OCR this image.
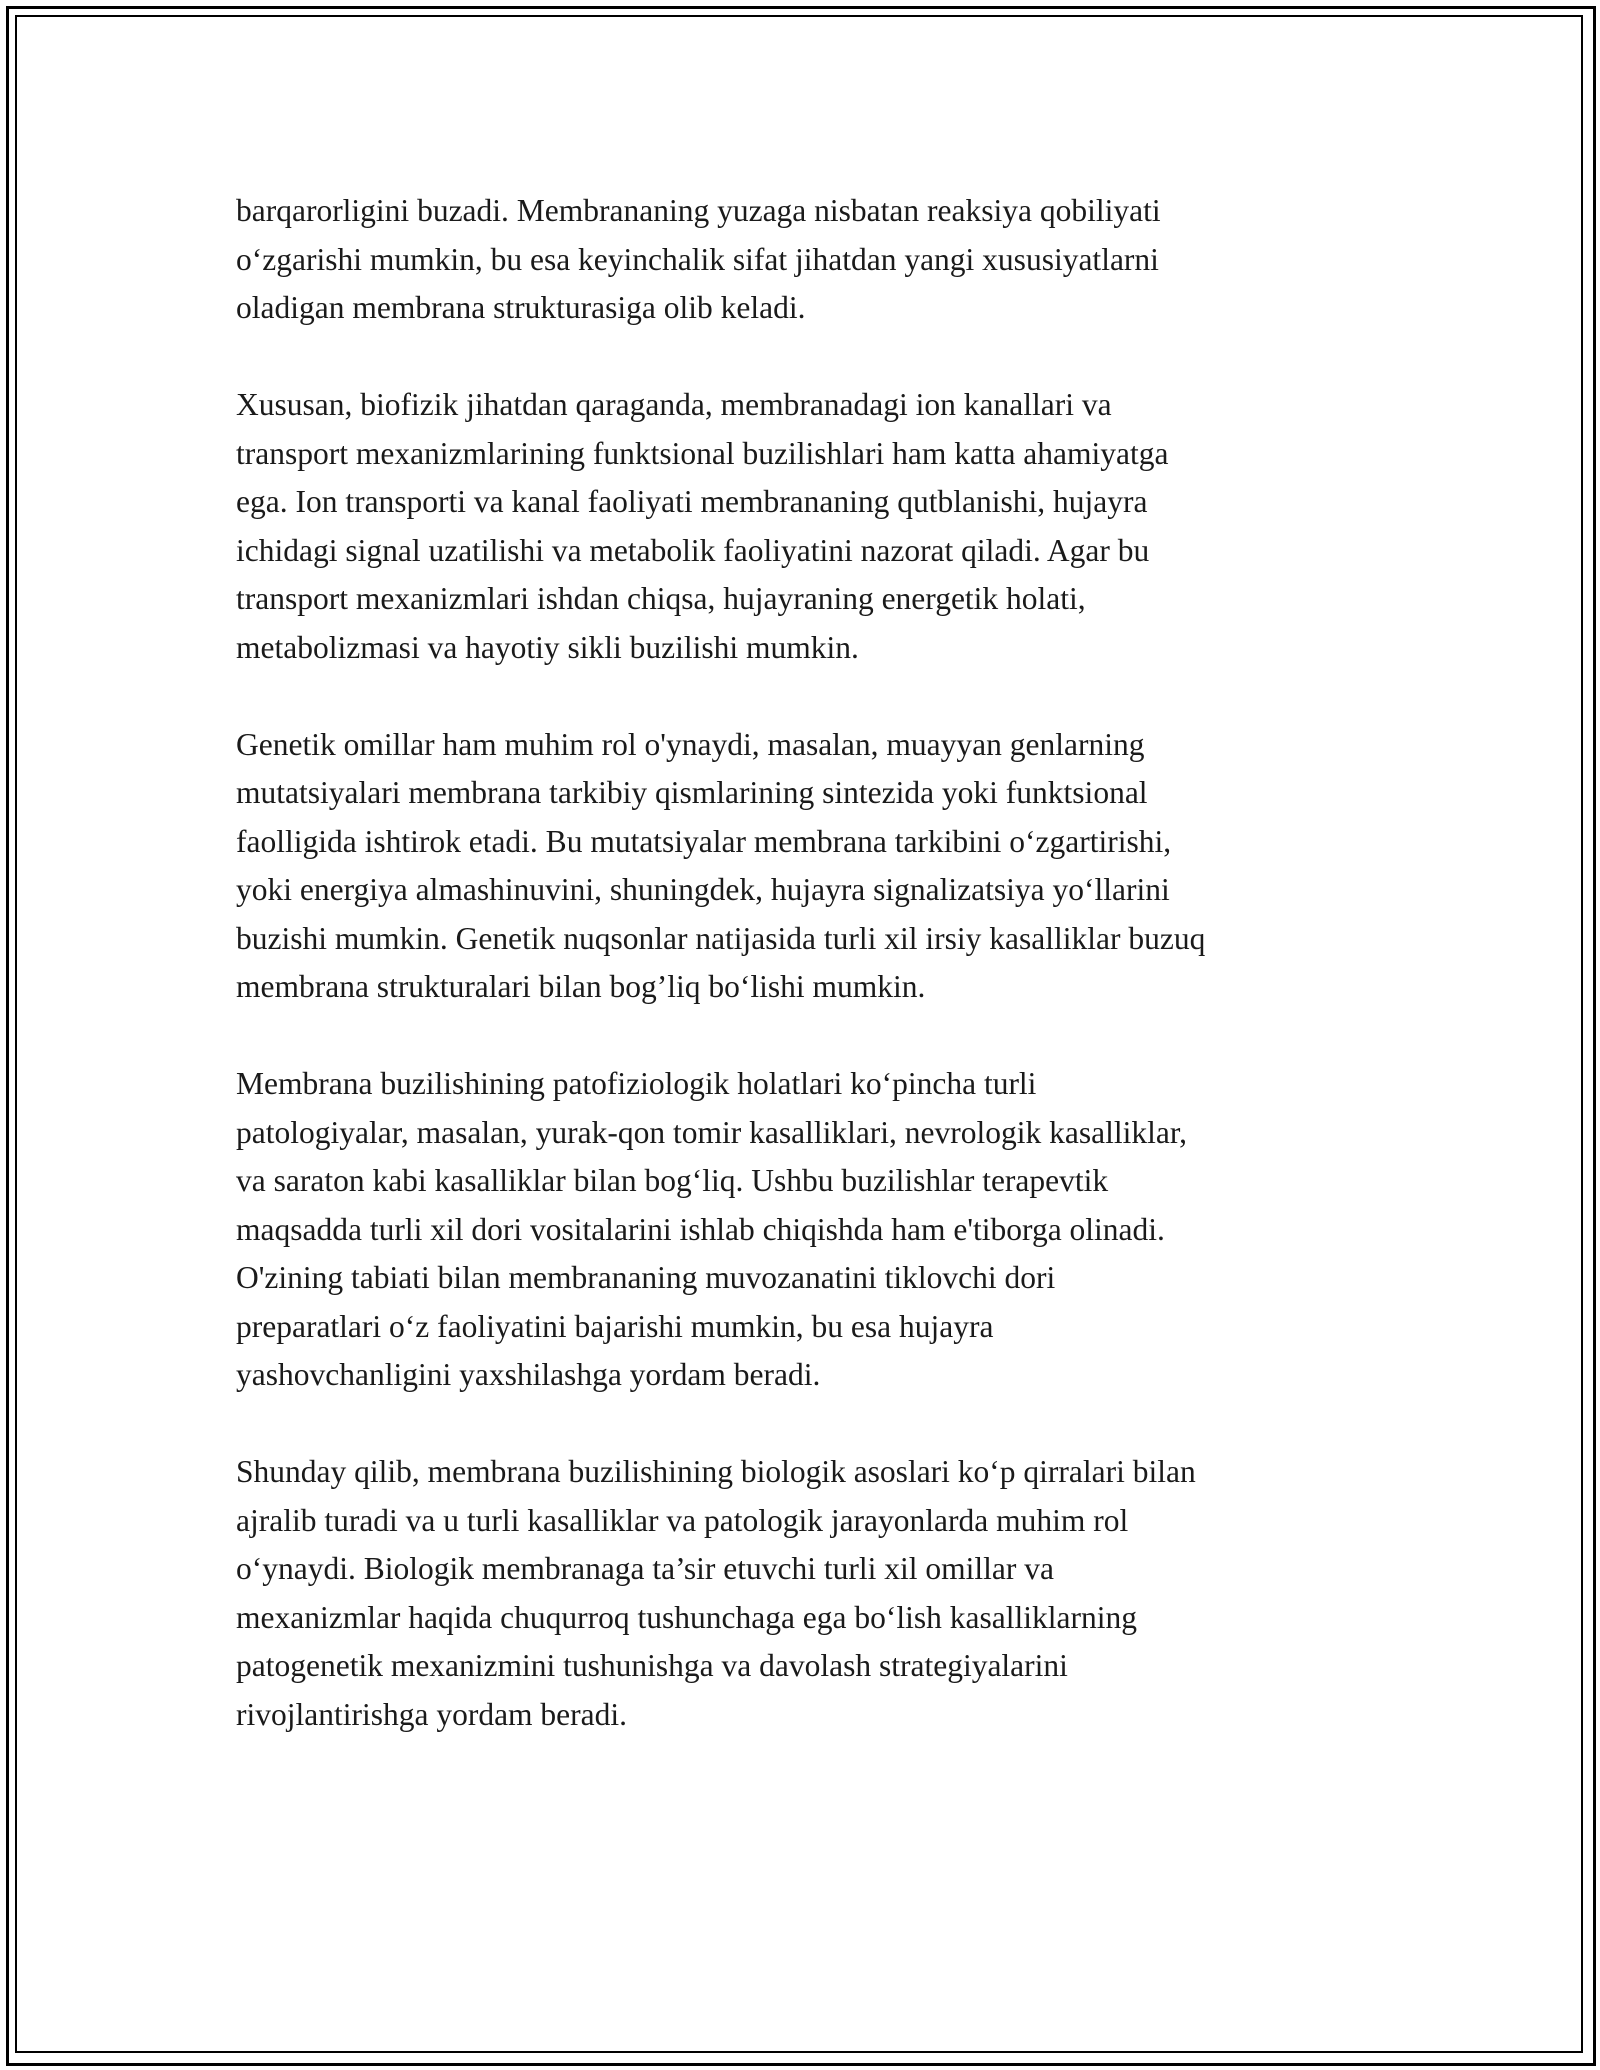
barqarorligini buzadi. Membrananing yuzaga nisbatan reaksiya qobiliyati
o‘zgarishi mumkin, bu esa keyinchalik sifat jihatdan yangi xususiyatlarni
oladigan membrana strukturasiga olib keladi.
Xususan, biofizik jihatdan qaraganda, membranadagi ion kanallari va
transport mexanizmlarining funktsional buzilishlari ham katta ahamiyatga
ega. Ion transporti va kanal faoliyati membrananing qutblanishi, hujayra
ichidagi signal uzatilishi va metabolik faoliyatini nazorat qiladi. Agar bu
transport mexanizmlari ishdan chiqsa, hujayraning energetik holati,
metabolizmasi va hayotiy sikli buzilishi mumkin.
Genetik omillar ham muhim rol o'ynaydi, masalan, muayyan genlarning
mutatsiyalari membrana tarkibiy qismlarining sintezida yoki funktsional
faolligida ishtirok etadi. Bu mutatsiyalar membrana tarkibini o‘zgartirishi,
yoki energiya almashinuvini, shuningdek, hujayra signalizatsiya yo‘llarini
buzishi mumkin. Genetik nuqsonlar natijasida turli xil irsiy kasalliklar buzuq
membrana strukturalari bilan bog’liq bo‘lishi mumkin.
Membrana buzilishining patofiziologik holatlari ko‘pincha turli
patologiyalar, masalan, yurak-qon tomir kasalliklari, nevrologik kasalliklar,
va saraton kabi kasalliklar bilan bog‘liq. Ushbu buzilishlar terapevtik
maqsadda turli xil dori vositalarini ishlab chiqishda ham e'tiborga olinadi.
O'zining tabiati bilan membrananing muvozanatini tiklovchi dori
preparatlari o‘z faoliyatini bajarishi mumkin, bu esa hujayra
yashovchanligini yaxshilashga yordam beradi.
Shunday qilib, membrana buzilishining biologik asoslari ko‘p qirralari bilan
ajralib turadi va u turli kasalliklar va patologik jarayonlarda muhim rol
o‘ynaydi. Biologik membranaga ta’sir etuvchi turli xil omillar va
mexanizmlar haqida chuqurroq tushunchaga ega bo‘lish kasalliklarning
patogenetik mexanizmini tushunishga va davolash strategiyalarini
rivojlantirishga yordam beradi.
